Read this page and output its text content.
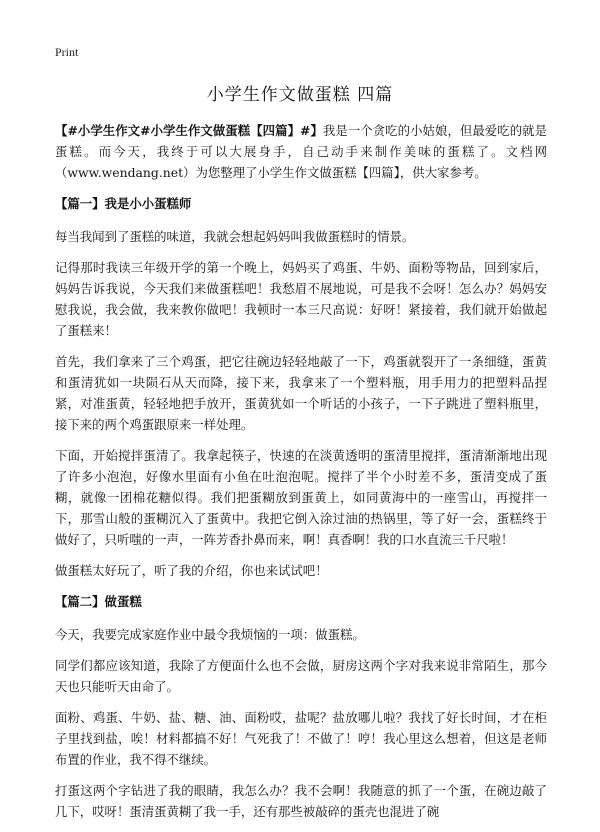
Print
小学生作文做蛋糕 四篇

【#小学生作文#小学生作文做蛋糕【四篇】#】我是一个贪吃的小姑娘，但最爱吃的就是蛋糕。而今天，我终于可以大展身手，自己动手来制作美味的蛋糕了。文档网（www.wendang.net）为您整理了小学生作文做蛋糕【四篇】，供大家参考。

【篇一】我是小小蛋糕师

每当我闻到了蛋糕的味道，我就会想起妈妈叫我做蛋糕时的情景。

记得那时我读三年级开学的第一个晚上，妈妈买了鸡蛋、牛奶、面粉等物品，回到家后，妈妈告诉我说，今天我们来做蛋糕吧！我愁眉不展地说，可是我不会呀！怎么办？妈妈安慰我说，我会做，我来教你做吧！我顿时一本三尺高说：好呀！紧接着，我们就开始做起了蛋糕来！

首先，我们拿来了三个鸡蛋，把它往碗边轻轻地敲了一下，鸡蛋就裂开了一条细缝，蛋黄和蛋清犹如一块陨石从天而降，接下来，我拿来了一个塑料瓶，用手用力的把塑料品捏紧，对准蛋黄，轻轻地把手放开，蛋黄犹如一个听话的小孩子，一下子跳进了塑料瓶里，接下来的两个鸡蛋跟原来一样处理。

下面，开始搅拌蛋清了。我拿起筷子，快速的在淡黄透明的蛋清里搅拌，蛋清渐渐地出现了许多小泡泡，好像水里面有小鱼在吐泡泡呢。搅拌了半个小时差不多，蛋清变成了蛋糊，就像一团棉花糖似得。我们把蛋糊放到蛋黄上，如同黄海中的一座雪山，再搅拌一下，那雪山般的蛋糊沉入了蛋黄中。我把它倒入涂过油的热锅里，等了好一会，蛋糕终于做好了，只听嗤的一声，一阵芳香扑鼻而来，啊！真香啊！我的口水直流三千尺啦！

做蛋糕太好玩了，听了我的介绍，你也来试试吧！

【篇二】做蛋糕

今天，我要完成家庭作业中最令我烦恼的一项：做蛋糕。

同学们都应该知道，我除了方便面什么也不会做，厨房这两个字对我来说非常陌生，那今天也只能听天由命了。

面粉、鸡蛋、牛奶、盐、糖、油、面粉哎，盐呢？盐放哪儿啦？我找了好长时间，才在柜子里找到盐，唉！材料都搞不好！气死我了！不做了！哼！我心里这么想着，但这是老师布置的作业，我不得不继续。

打蛋这两个字钻进了我的眼睛，我怎么办？我不会啊！我随意的抓了一个蛋，在碗边敲了几下，哎呀！蛋清蛋黄糊了我一手，还有那些被敲碎的蛋壳也混进了碗
